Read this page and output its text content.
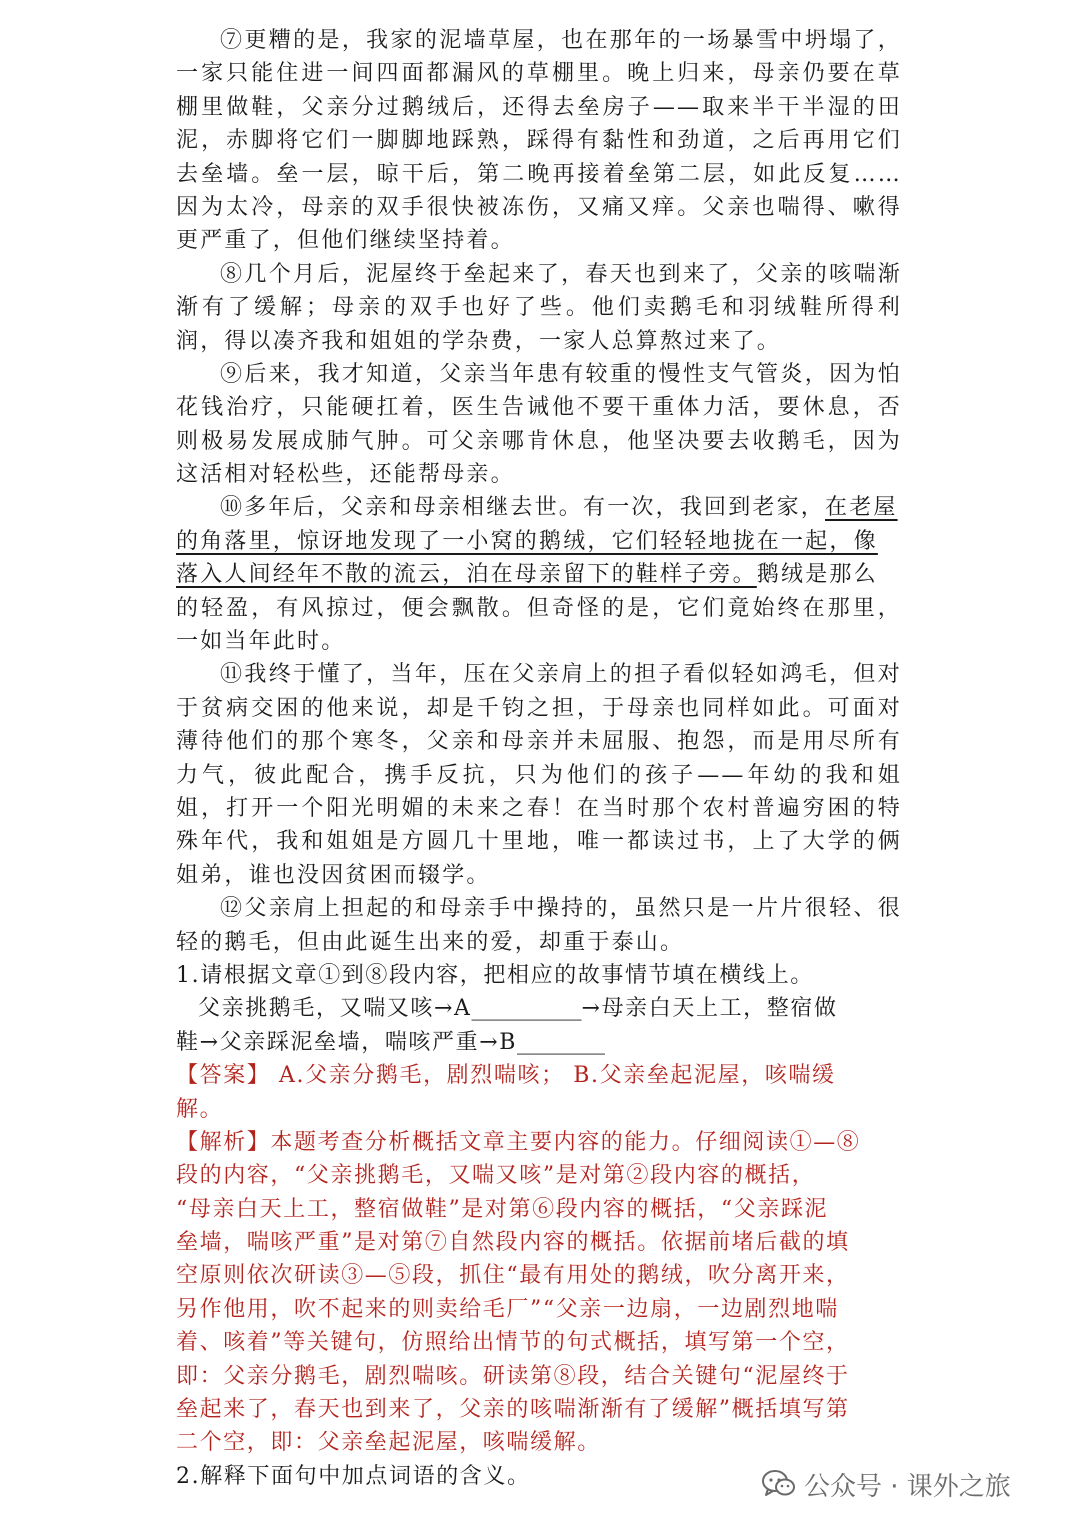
⑦更糟的是，我家的泥墙草屋，也在那年的一场暴雪中坍塌了，
一家只能住进一间四面都漏风的草棚里。晚上归来，母亲仍要在草
棚里做鞋，父亲分过鹅绒后，还得去垒房子——取来半干半湿的田
泥，赤脚将它们一脚脚地踩熟，踩得有黏性和劲道，之后再用它们
去垒墙。垒一层，晾干后，第二晚再接着垒第二层，如此反复……
因为太冷，母亲的双手很快被冻伤，又痛又痒。父亲也喘得、嗽得
更严重了，但他们继续坚持着。
⑧几个月后，泥屋终于垒起来了，春天也到来了，父亲的咳喘渐
渐有了缓解；母亲的双手也好了些。他们卖鹅毛和羽绒鞋所得利
润，得以凑齐我和姐姐的学杂费，一家人总算熬过来了。
⑨后来，我才知道，父亲当年患有较重的慢性支气管炎，因为怕
花钱治疗，只能硬扛着，医生告诫他不要干重体力活，要休息，否
则极易发展成肺气肿。可父亲哪肯休息，他坚决要去收鹅毛，因为
这活相对轻松些，还能帮母亲。
⑩多年后，父亲和母亲相继去世。有一次，我回到老家，在老屋
的角落里，惊讶地发现了一小窝的鹅绒，它们轻轻地拢在一起，像
落入人间经年不散的流云，泊在母亲留下的鞋样子旁。鹅绒是那么
的轻盈，有风掠过，便会飘散。但奇怪的是，它们竟始终在那里，
一如当年此时。
⑪我终于懂了，当年，压在父亲肩上的担子看似轻如鸿毛，但对
于贫病交困的他来说，却是千钧之担，于母亲也同样如此。可面对
薄待他们的那个寒冬，父亲和母亲并未屈服、抱怨，而是用尽所有
力气，彼此配合，携手反抗，只为他们的孩子——年幼的我和姐
姐，打开一个阳光明媚的未来之春！在当时那个农村普遍穷困的特
殊年代，我和姐姐是方圆几十里地，唯一都读过书，上了大学的俩
姐弟，谁也没因贫困而辍学。
⑫父亲肩上担起的和母亲手中操持的，虽然只是一片片很轻、很
轻的鹅毛，但由此诞生出来的爱，却重于泰山。
1.请根据文章①到⑧段内容，把相应的故事情节填在横线上。
父亲挑鹅毛，又喘又咳→A__________→母亲白天上工，整宿做
鞋→父亲踩泥垒墙，喘咳严重→B________
【答案】 A.父亲分鹅毛，剧烈喘咳； B.父亲垒起泥屋，咳喘缓
解。
【解析】本题考查分析概括文章主要内容的能力。仔细阅读①—⑧
段的内容，“父亲挑鹅毛，又喘又咳”是对第②段内容的概括，
“母亲白天上工，整宿做鞋”是对第⑥段内容的概括，“父亲踩泥
垒墙，喘咳严重”是对第⑦自然段内容的概括。依据前堵后截的填
空原则依次研读③—⑤段，抓住“最有用处的鹅绒，吹分离开来，
另作他用，吹不起来的则卖给毛厂”“父亲一边扇，一边剧烈地喘
着、咳着”等关键句，仿照给出情节的句式概括，填写第一个空，
即：父亲分鹅毛，剧烈喘咳。研读第⑧段，结合关键句“泥屋终于
垒起来了，春天也到来了，父亲的咳喘渐渐有了缓解”概括填写第
二个空，即：父亲垒起泥屋，咳喘缓解。
2.解释下面句中加点词语的含义。	公众号 · 课外之旅
